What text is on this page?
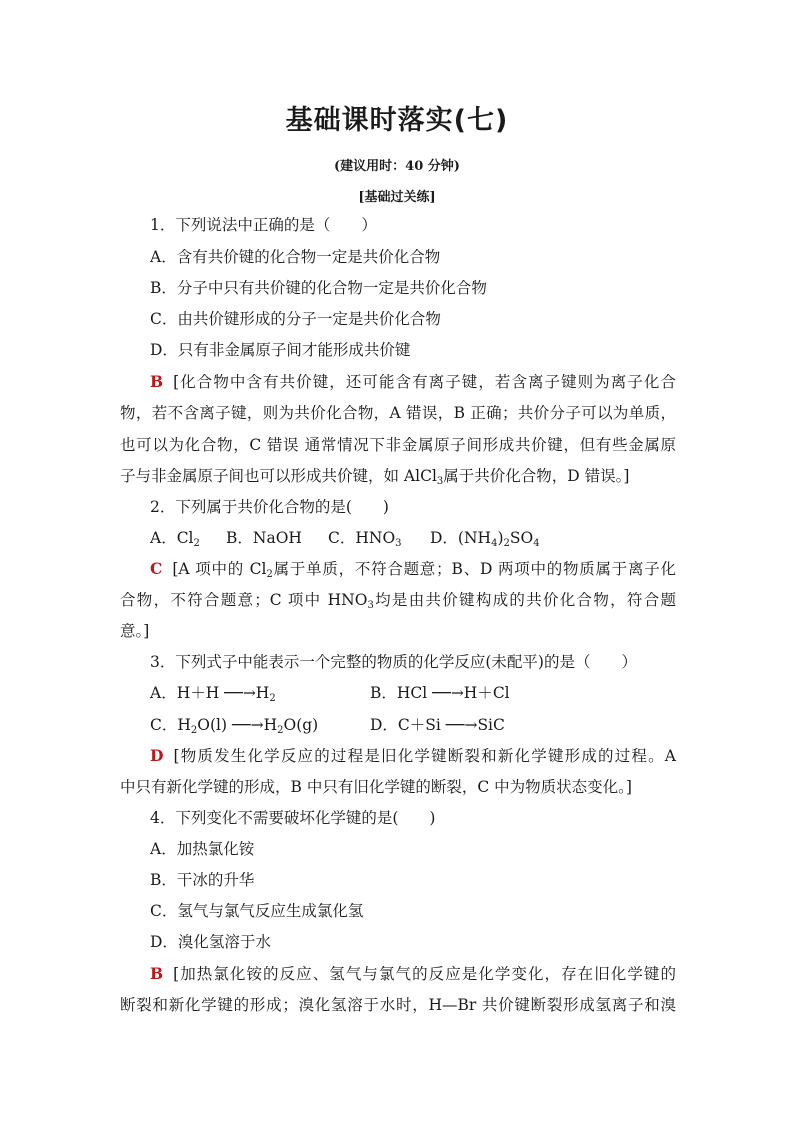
基础课时落实(七)
(建议用时：40 分钟)
[基础过关练]
1．下列说法中正确的是（　　）
A．含有共价键的化合物一定是共价化合物
B．分子中只有共价键的化合物一定是共价化合物
C．由共价键形成的分子一定是共价化合物
D．只有非金属原子间才能形成共价键
B [化合物中含有共价键，还可能含有离子键，若含离子键则为离子化合
物，若不含离子键，则为共价化合物，A 错误，B 正确；共价分子可以为单质，
也可以为化合物，C 错误 通常情况下非金属原子间形成共价键，但有些金属原
子与非金属原子间也可以形成共价键，如 AlCl$_3$属于共价化合物，D 错误。]
2．下列属于共价化合物的是(　　)
A．$Cl_2$ B．NaOH C．$HNO_3$ D．$(NH_4)_2SO_4$
C [A 项中的 $Cl_2$属于单质，不符合题意；B、D 两项中的物质属于离子化
合物，不符合题意；C 项中 $HNO_3$均是由共价键构成的共价化合物，符合题
意。]
3．下列式子中能表示一个完整的物质的化学反应(未配平)的是（　　）
A．H＋H $──\to H_2$	B．HCl ──→H＋Cl
C．$H_2O(l)$ $──\to H_2O(g)$	D．C＋Si ──→SiC
D [物质发生化学反应的过程是旧化学键断裂和新化学键形成的过程。A
中只有新化学键的形成，B 中只有旧化学键的断裂，C 中为物质状态变化。]
4．下列变化不需要破坏化学键的是(　　)
A．加热氯化铵
B．干冰的升华
C．氢气与氯气反应生成氯化氢
D．溴化氢溶于水
B [加热氯化铵的反应、氢气与氯气的反应是化学变化，存在旧化学键的
断裂和新化学键的形成；溴化氢溶于水时，H—Br 共价键断裂形成氢离子和溴
